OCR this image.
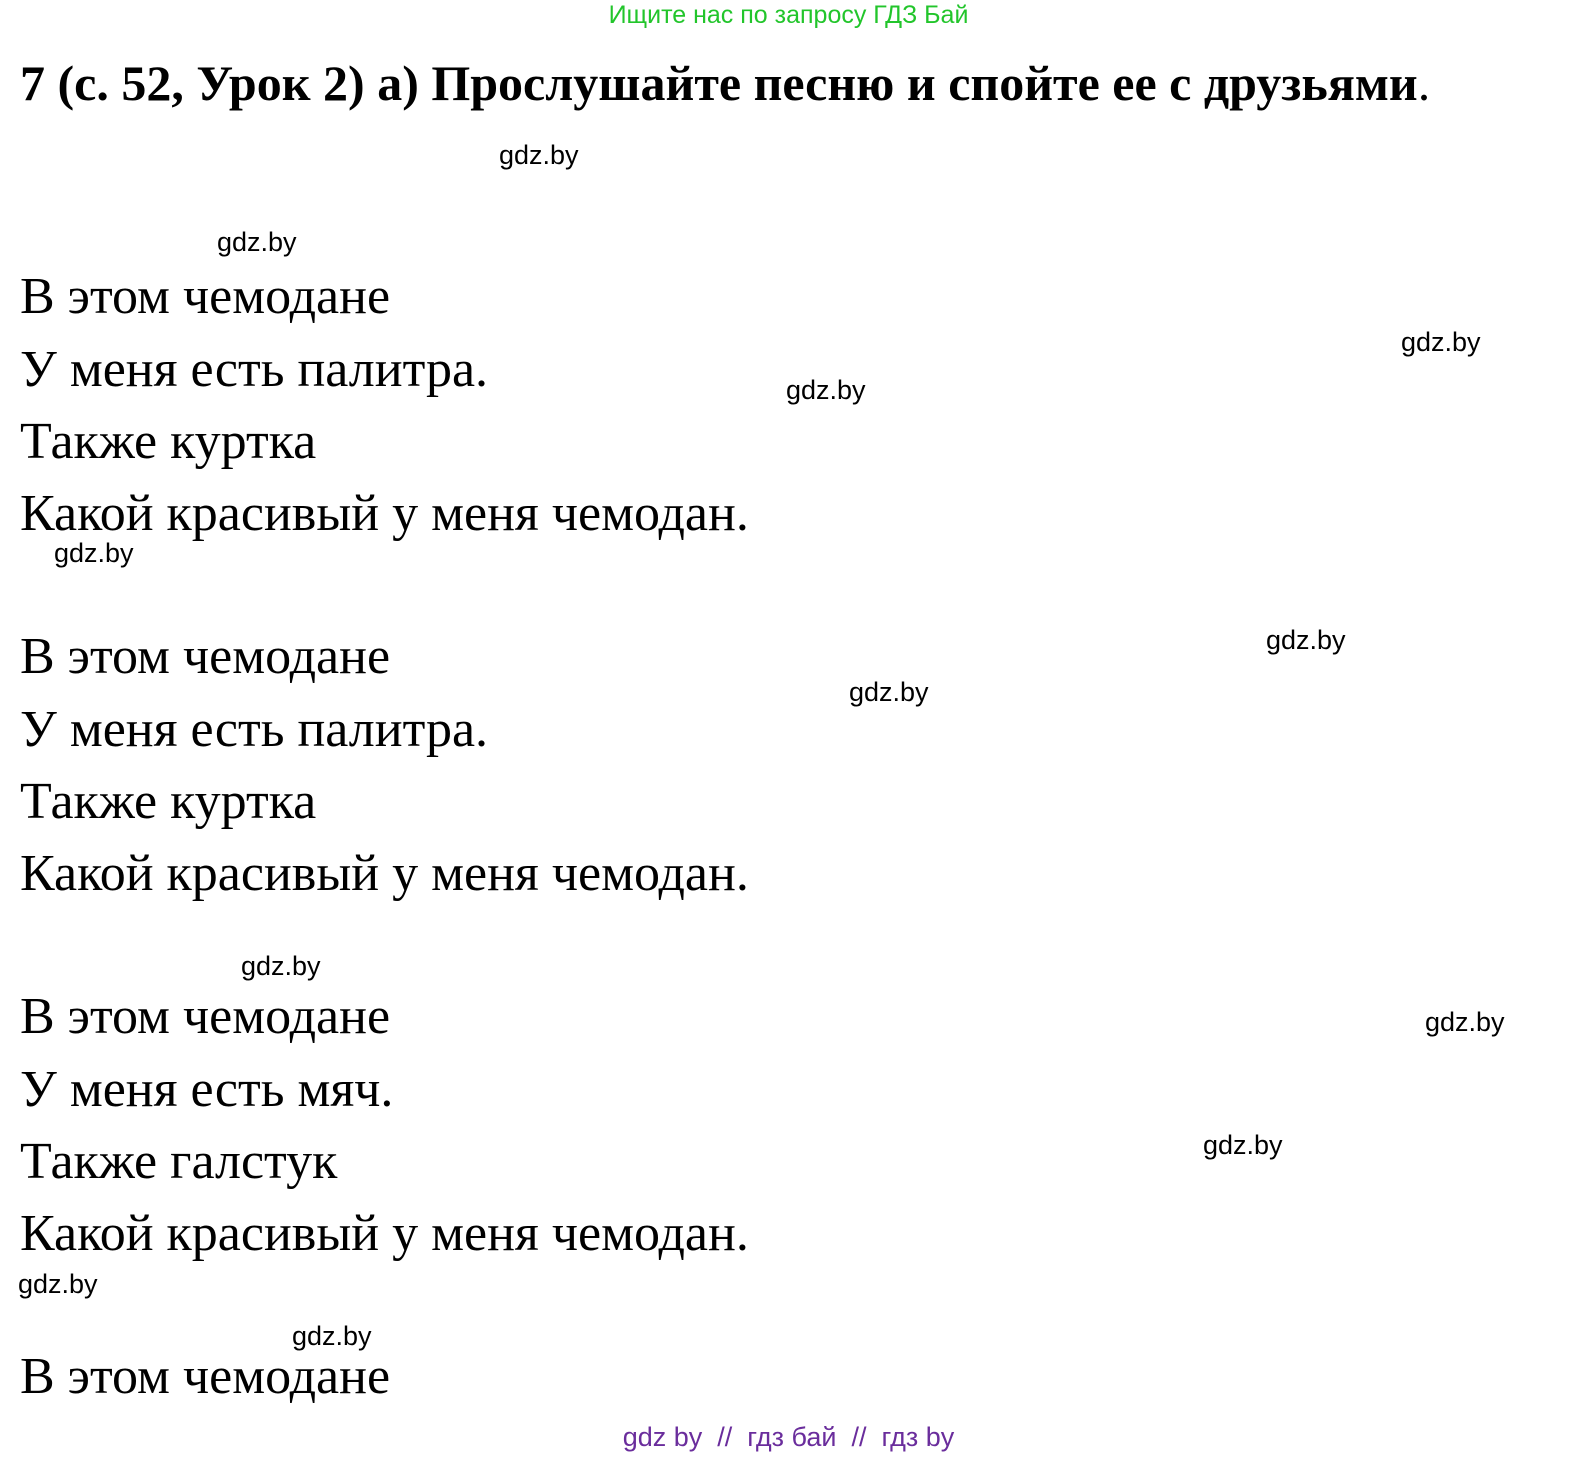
Ищите нас по запросу ГДЗ Бай

7 (с. 52, Урок 2) а) Прослушайте песню и спойте ее с друзьями.

В этом чемодане

У меня есть палитра.

Также куртка

Какой красивый у меня чемодан.

В этом чемодане

У меня есть палитра.

Также куртка

Какой красивый у меня чемодан.

В этом чемодане

У меня есть мяч.

Также галстук

Какой красивый у меня чемодан.

В этом чемодане

gdz.by
gdz.by
gdz.by
gdz.by
gdz.by
gdz.by
gdz.by
gdz.by
gdz.by
gdz.by
gdz.by
gdz.by
gdz by  //  гдз бай  //  гдз by
